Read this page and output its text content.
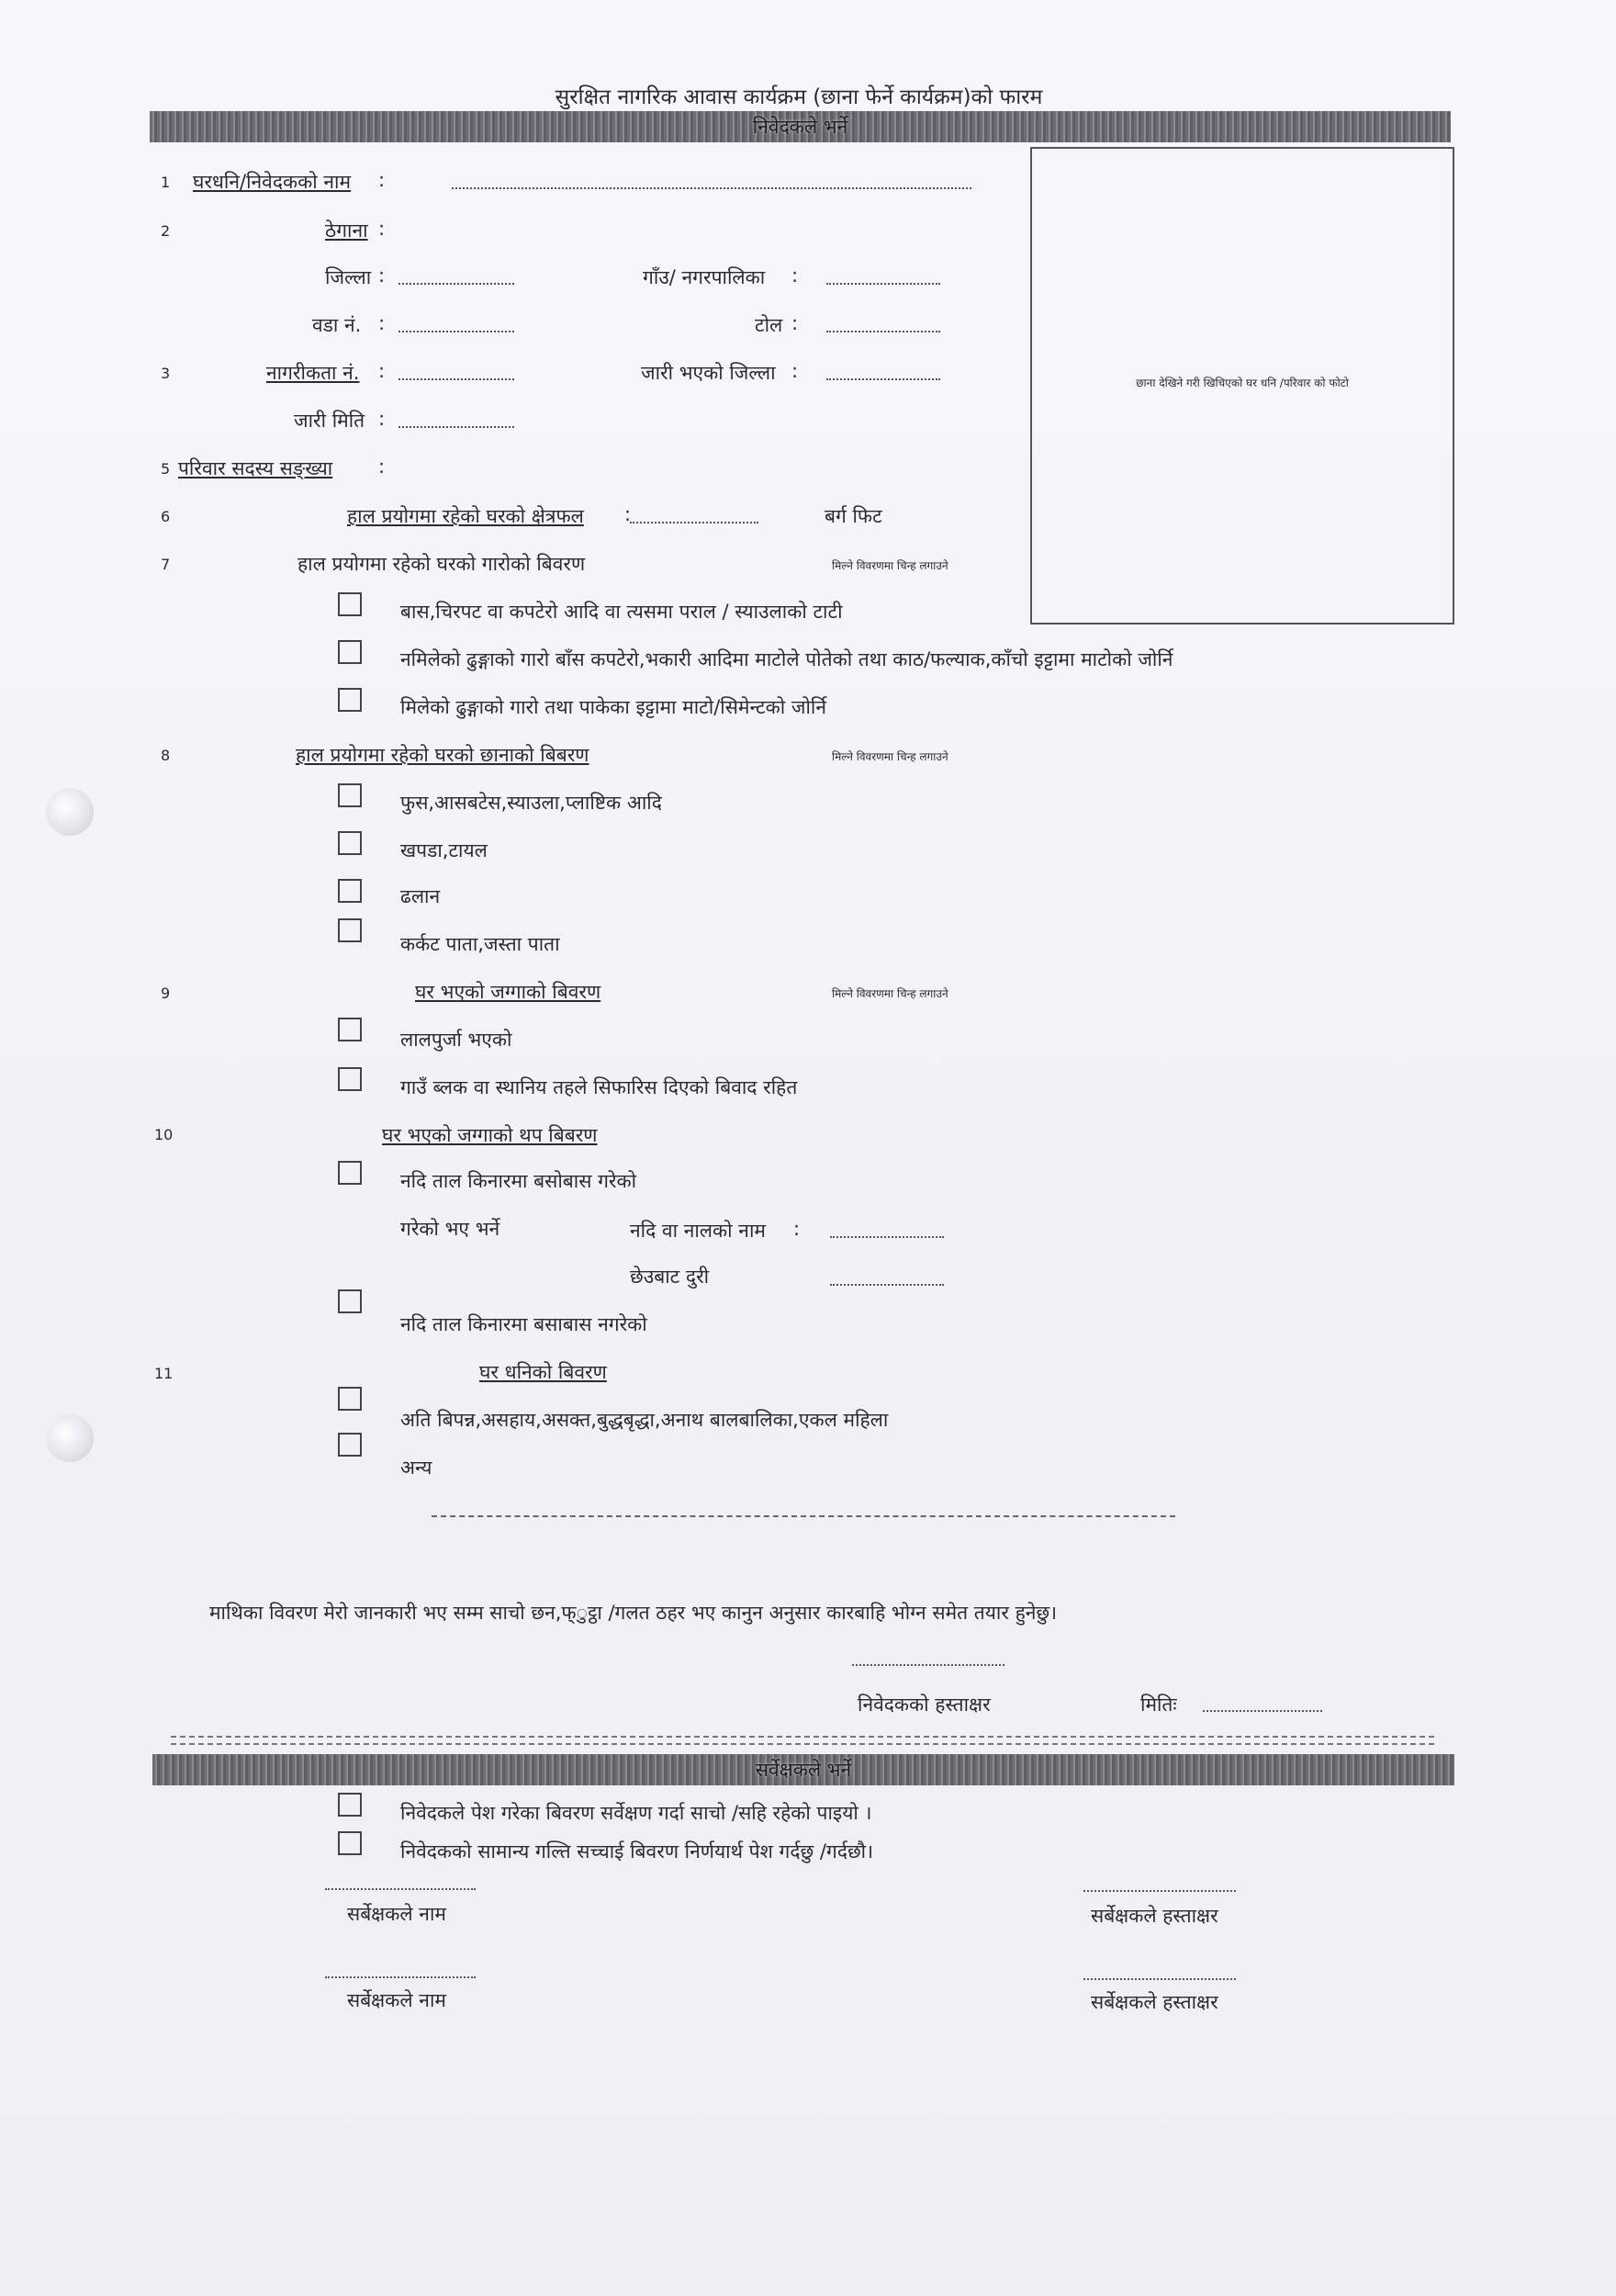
सुरक्षित नागरिक आवास कार्यक्रम (छाना फेर्ने कार्यक्रम)को फारम
निवेदकले भर्ने
छाना देखिने गरी खिचिएको घर धनि /परिवार को फोटो
1 घरधनि/निवेदकको नाम :
2	ठेगाना :
जिल्ला :	गाँउ/ नगरपालिका :
वडा नं. :	टोल :
3	नागरीकता नं. :	जारी भएको जिल्ला :
जारी मिति :
5 परिवार सदस्य सङ्ख्या :
6	हाल प्रयोगमा रहेको घरको क्षेत्रफल :	बर्ग फिट
7	हाल प्रयोगमा रहेको घरको गारोको बिवरण	मिल्ने विवरणमा चिन्ह लगाउने
बास,चिरपट वा कपटेरो आदि वा त्यसमा पराल / स्याउलाको टाटी
नमिलेको ढुङ्गाको गारो बाँस कपटेरो,भकारी आदिमा माटोले पोतेको तथा काठ/फल्याक,काँचो इट्टामा माटोको जोर्नि
मिलेको ढुङ्गाको गारो तथा पाकेका इट्टामा माटो/सिमेन्टको जोर्नि
8	हाल प्रयोगमा रहेको घरको छानाको बिबरण	मिल्ने विवरणमा चिन्ह लगाउने
फुस,आसबटेस,स्याउला,प्लाष्टिक आदि
खपडा,टायल
ढलान
कर्कट पाता,जस्ता पाता
9	घर भएको जग्गाको बिवरण	मिल्ने विवरणमा चिन्ह लगाउने
लालपुर्जा भएको
गाउँ ब्लक वा स्थानिय तहले सिफारिस दिएको बिवाद रहित
10	घर भएको जग्गाको थप बिबरण
नदि ताल किनारमा बसोबास गरेको
गरेको भए भर्ने	नदि वा नालको नाम :
छेउबाट दुरी
नदि ताल किनारमा बसाबास नगरेको
11	घर धनिको बिवरण
अति बिपन्न,असहाय,असक्त,बुद्धबृद्धा,अनाथ बालबालिका,एकल महिला
अन्य
माथिका विवरण मेरो जानकारी भए सम्म साचो छन,फ्ुट्ठा /गलत ठहर भए कानुन अनुसार कारबाहि भोग्न समेत तयार हुनेछु।
निवेदकको हस्ताक्षर	मितिः
सर्वेक्षकले भर्ने
निवेदकले पेश गरेका बिवरण सर्वेक्षण गर्दा साचो /सहि रहेको पाइयो ।
निवेदकको सामान्य गल्ति सच्चाई बिवरण निर्णयार्थ पेश गर्दछु /गर्दछौ।
सर्बेक्षकले नाम	सर्बेक्षकले हस्ताक्षर
सर्बेक्षकले नाम	सर्बेक्षकले हस्ताक्षर
